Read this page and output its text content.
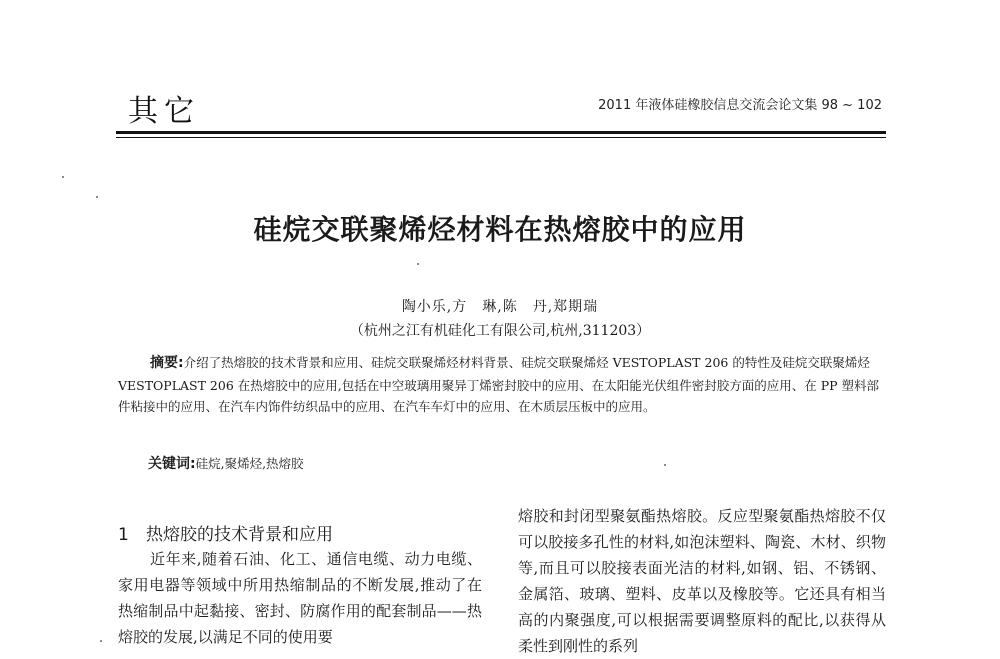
其它	2011 年液体硅橡胶信息交流会论文集 98 ~ 102
硅烷交联聚烯烃材料在热熔胶中的应用
陶小乐,方　琳,陈　丹,郑期瑞
（杭州之江有机硅化工有限公司,杭州,311203）
摘要:介绍了热熔胶的技术背景和应用、硅烷交联聚烯烃材料背景、硅烷交联聚烯烃 VESTOPLAST 206 的特性及硅烷交联聚烯烃 VESTOPLAST 206 在热熔胶中的应用,包括在中空玻璃用聚异丁烯密封胶中的应用、在太阳能光伏组件密封胶方面的应用、在 PP 塑料部件粘接中的应用、在汽车内饰件纺织品中的应用、在汽车车灯中的应用、在木质层压板中的应用。
关键词:硅烷,聚烯烃,热熔胶
1 热熔胶的技术背景和应用
近年来,随着石油、化工、通信电缆、动力电缆、家用电器等领域中所用热缩制品的不断发展,推动了在热缩制品中起黏接、密封、防腐作用的配套制品——热熔胶的发展,以满足不同的使用要
熔胶和封闭型聚氨酯热熔胶。反应型聚氨酯热熔胶不仅可以胶接多孔性的材料,如泡沫塑料、陶瓷、木材、织物等,而且可以胶接表面光洁的材料,如钢、铝、不锈钢、金属箔、玻璃、塑料、皮革以及橡胶等。它还具有相当高的内聚强度,可以根据需要调整原料的配比,以获得从柔性到刚性的系列
